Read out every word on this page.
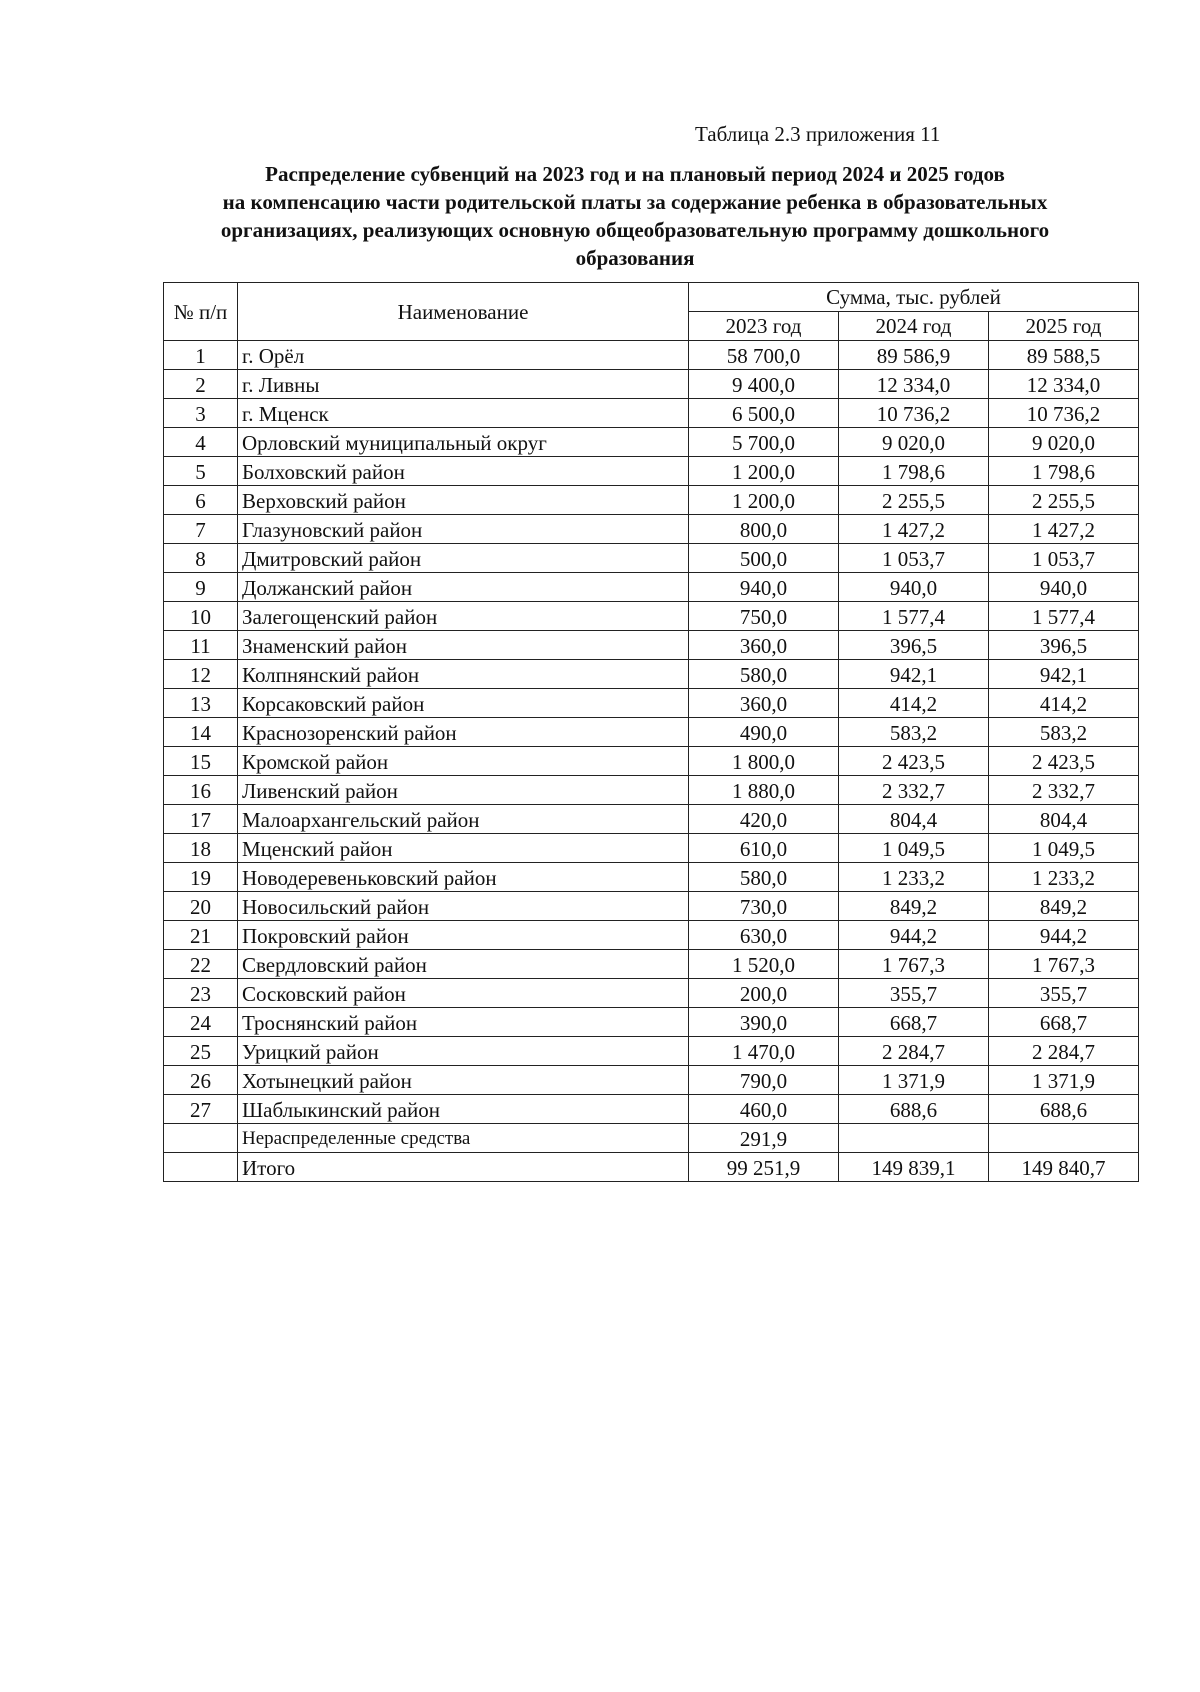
Таблица 2.3 приложения 11
Распределение субвенций на 2023 год и на плановый период 2024 и 2025 годов
на компенсацию части родительской платы за содержание ребенка в образовательных
организациях, реализующих основную общеобразовательную программу дошкольного
образования
№ п/п	Наименование	Сумма, тыс. рублей		
		2023 год	2024 год	2025 год
1	г. Орёл	58 700,0	89 586,9	89 588,5
2	г. Ливны	9 400,0	12 334,0	12 334,0
3	г. Мценск	6 500,0	10 736,2	10 736,2
4	Орловский муниципальный округ	5 700,0	9 020,0	9 020,0
5	Болховский район	1 200,0	1 798,6	1 798,6
6	Верховский район	1 200,0	2 255,5	2 255,5
7	Глазуновский район	800,0	1 427,2	1 427,2
8	Дмитровский район	500,0	1 053,7	1 053,7
9	Должанский район	940,0	940,0	940,0
10	Залегощенский район	750,0	1 577,4	1 577,4
11	Знаменский район	360,0	396,5	396,5
12	Колпнянский район	580,0	942,1	942,1
13	Корсаковский район	360,0	414,2	414,2
14	Краснозоренский район	490,0	583,2	583,2
15	Кромской район	1 800,0	2 423,5	2 423,5
16	Ливенский район	1 880,0	2 332,7	2 332,7
17	Малоархангельский район	420,0	804,4	804,4
18	Мценский район	610,0	1 049,5	1 049,5
19	Новодеревеньковский район	580,0	1 233,2	1 233,2
20	Новосильский район	730,0	849,2	849,2
21	Покровский район	630,0	944,2	944,2
22	Свердловский район	1 520,0	1 767,3	1 767,3
23	Сосковский район	200,0	355,7	355,7
24	Троснянский район	390,0	668,7	668,7
25	Урицкий район	1 470,0	2 284,7	2 284,7
26	Хотынецкий район	790,0	1 371,9	1 371,9
27	Шаблыкинский район	460,0	688,6	688,6
	Нераспределенные средства	291,9		
	Итого	99 251,9	149 839,1	149 840,7
